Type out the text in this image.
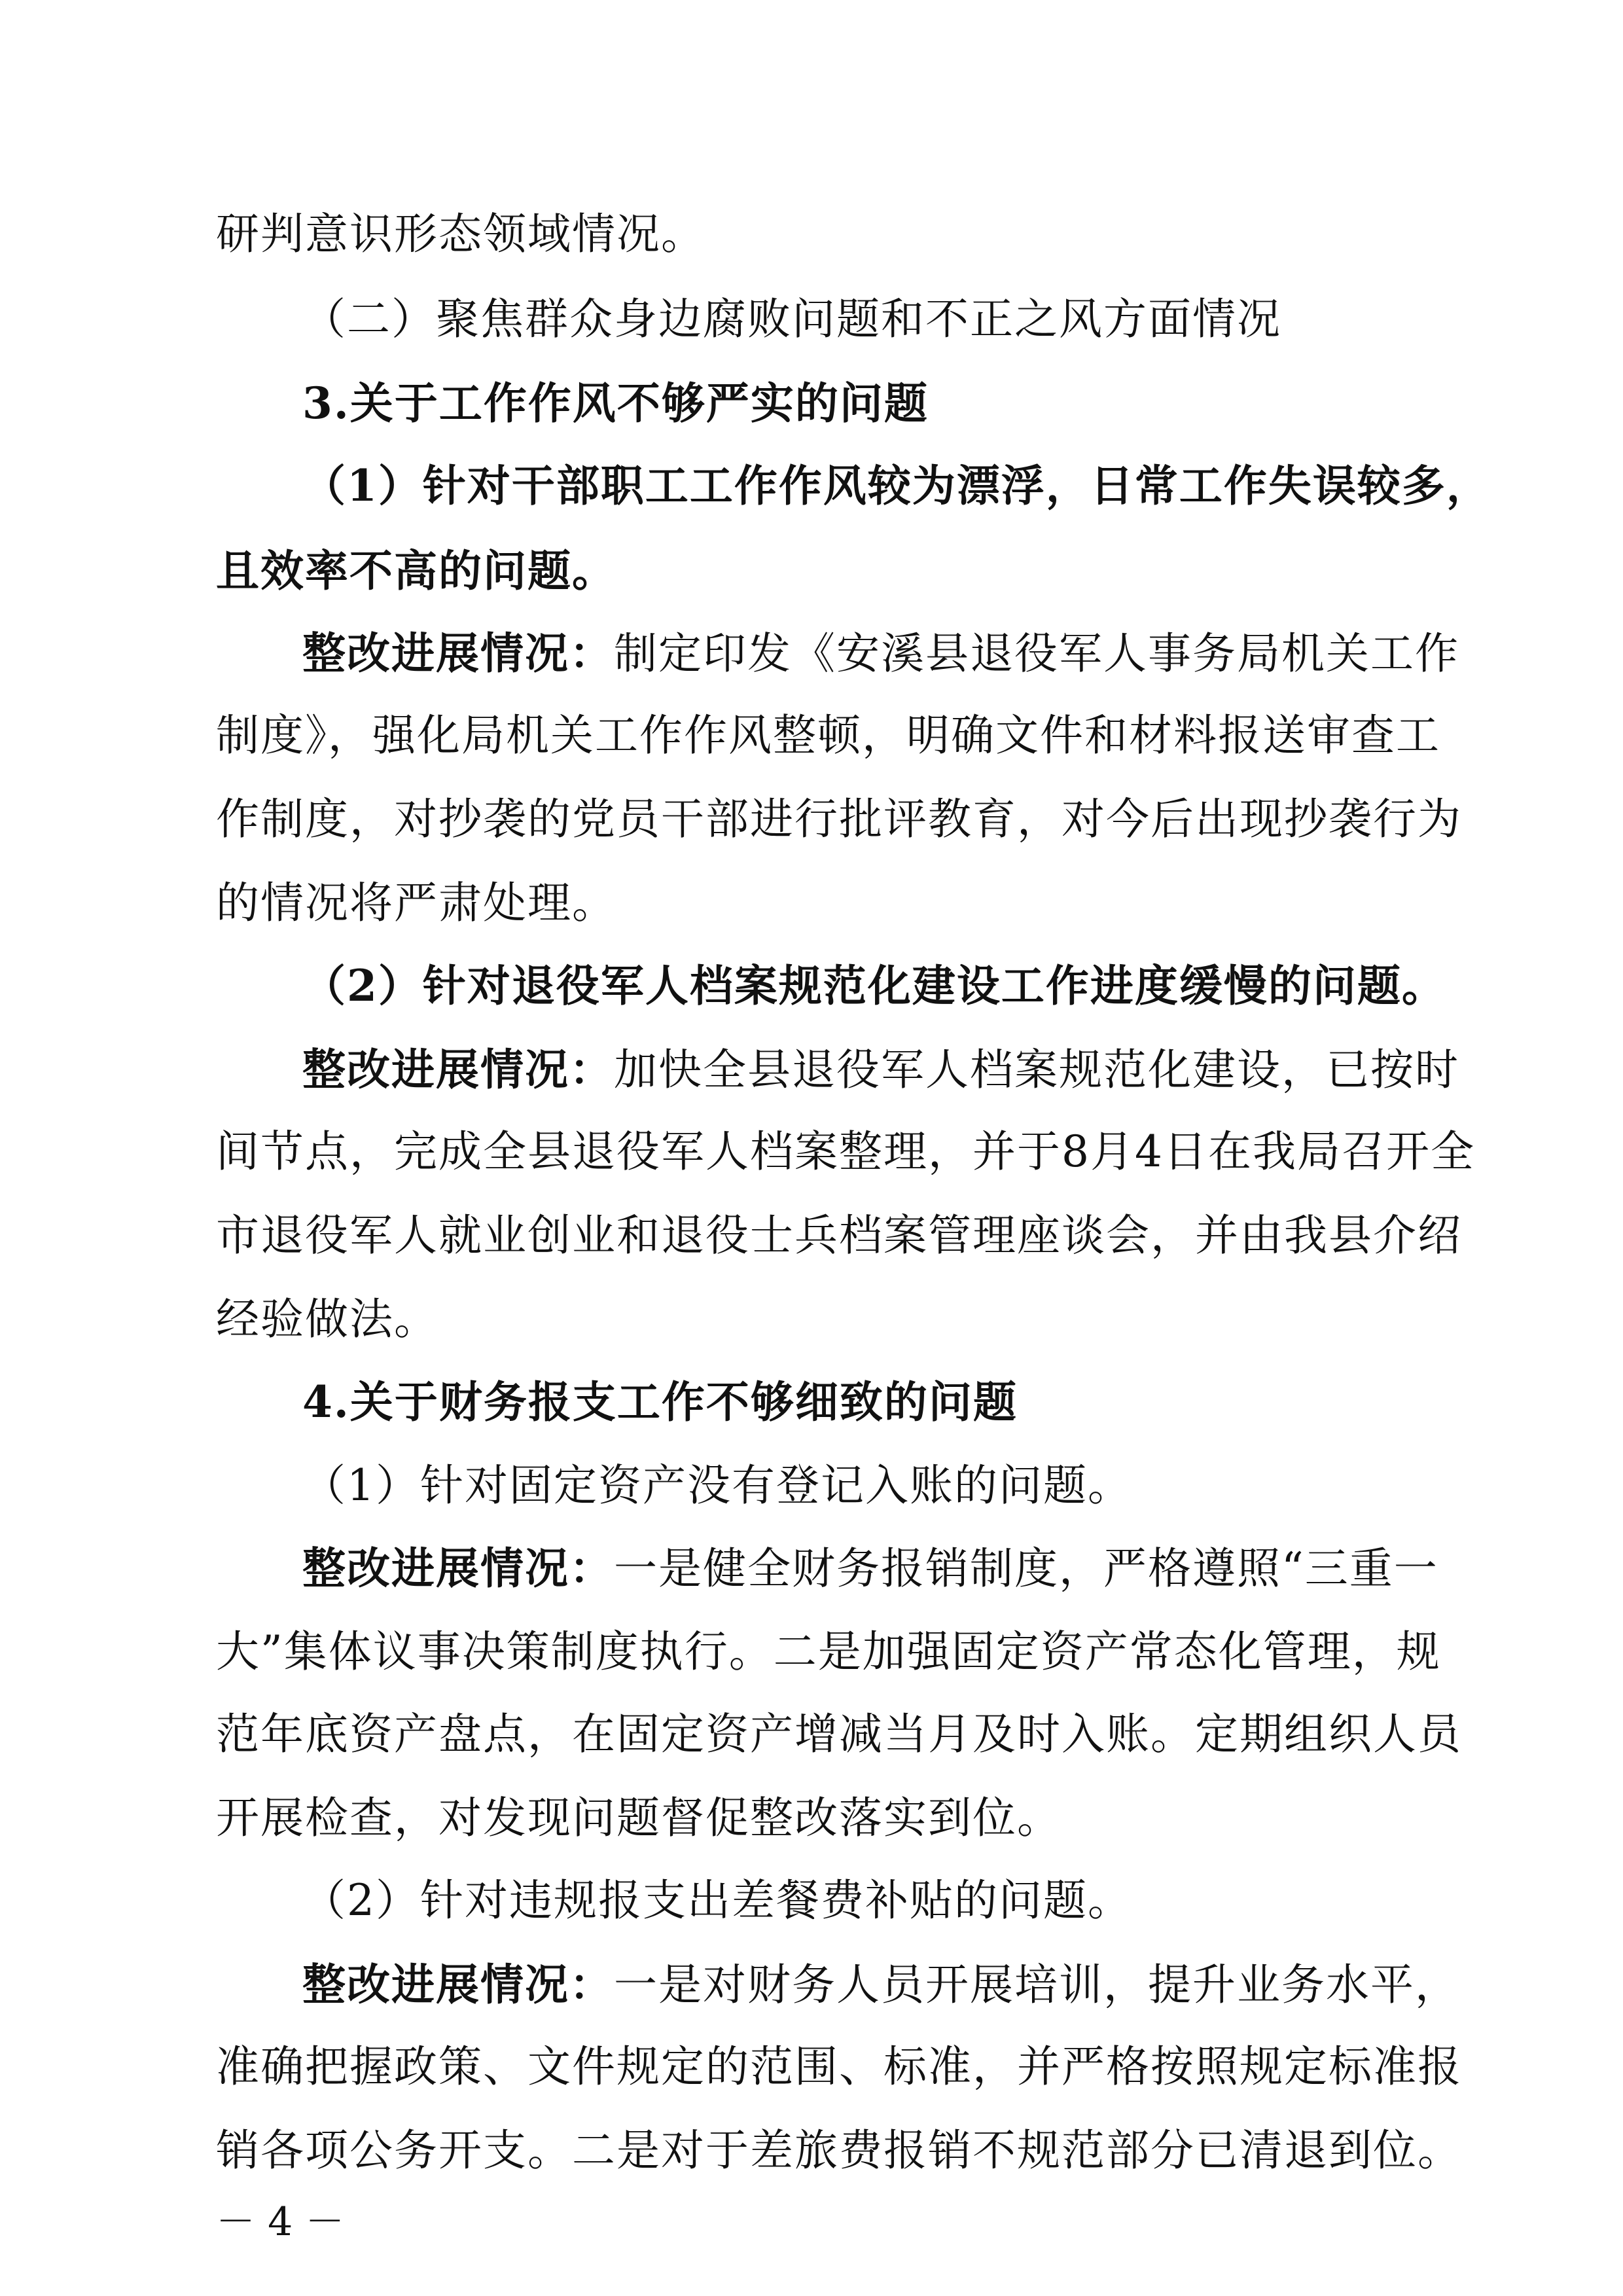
研判意识形态领域情况。
（二）聚焦群众身边腐败问题和不正之风方面情况
3.关于工作作风不够严实的问题
（1）针对干部职工工作作风较为漂浮，日常工作失误较多，
且效率不高的问题。
整改进展情况：制定印发《安溪县退役军人事务局机关工作
制度》，强化局机关工作作风整顿，明确文件和材料报送审查工
作制度，对抄袭的党员干部进行批评教育，对今后出现抄袭行为
的情况将严肃处理。
（2）针对退役军人档案规范化建设工作进度缓慢的问题。
整改进展情况：加快全县退役军人档案规范化建设，已按时
间节点，完成全县退役军人档案整理，并于8月4日在我局召开全
市退役军人就业创业和退役士兵档案管理座谈会，并由我县介绍
经验做法。
4.关于财务报支工作不够细致的问题
（1）针对固定资产没有登记入账的问题。
整改进展情况：一是健全财务报销制度，严格遵照“三重一
大”集体议事决策制度执行。二是加强固定资产常态化管理，规
范年底资产盘点，在固定资产增减当月及时入账。定期组织人员
开展检查，对发现问题督促整改落实到位。
（2）针对违规报支出差餐费补贴的问题。
整改进展情况：一是对财务人员开展培训，提升业务水平，
准确把握政策、文件规定的范围、标准，并严格按照规定标准报
销各项公务开支。二是对于差旅费报销不规范部分已清退到位。
－ 4 －
